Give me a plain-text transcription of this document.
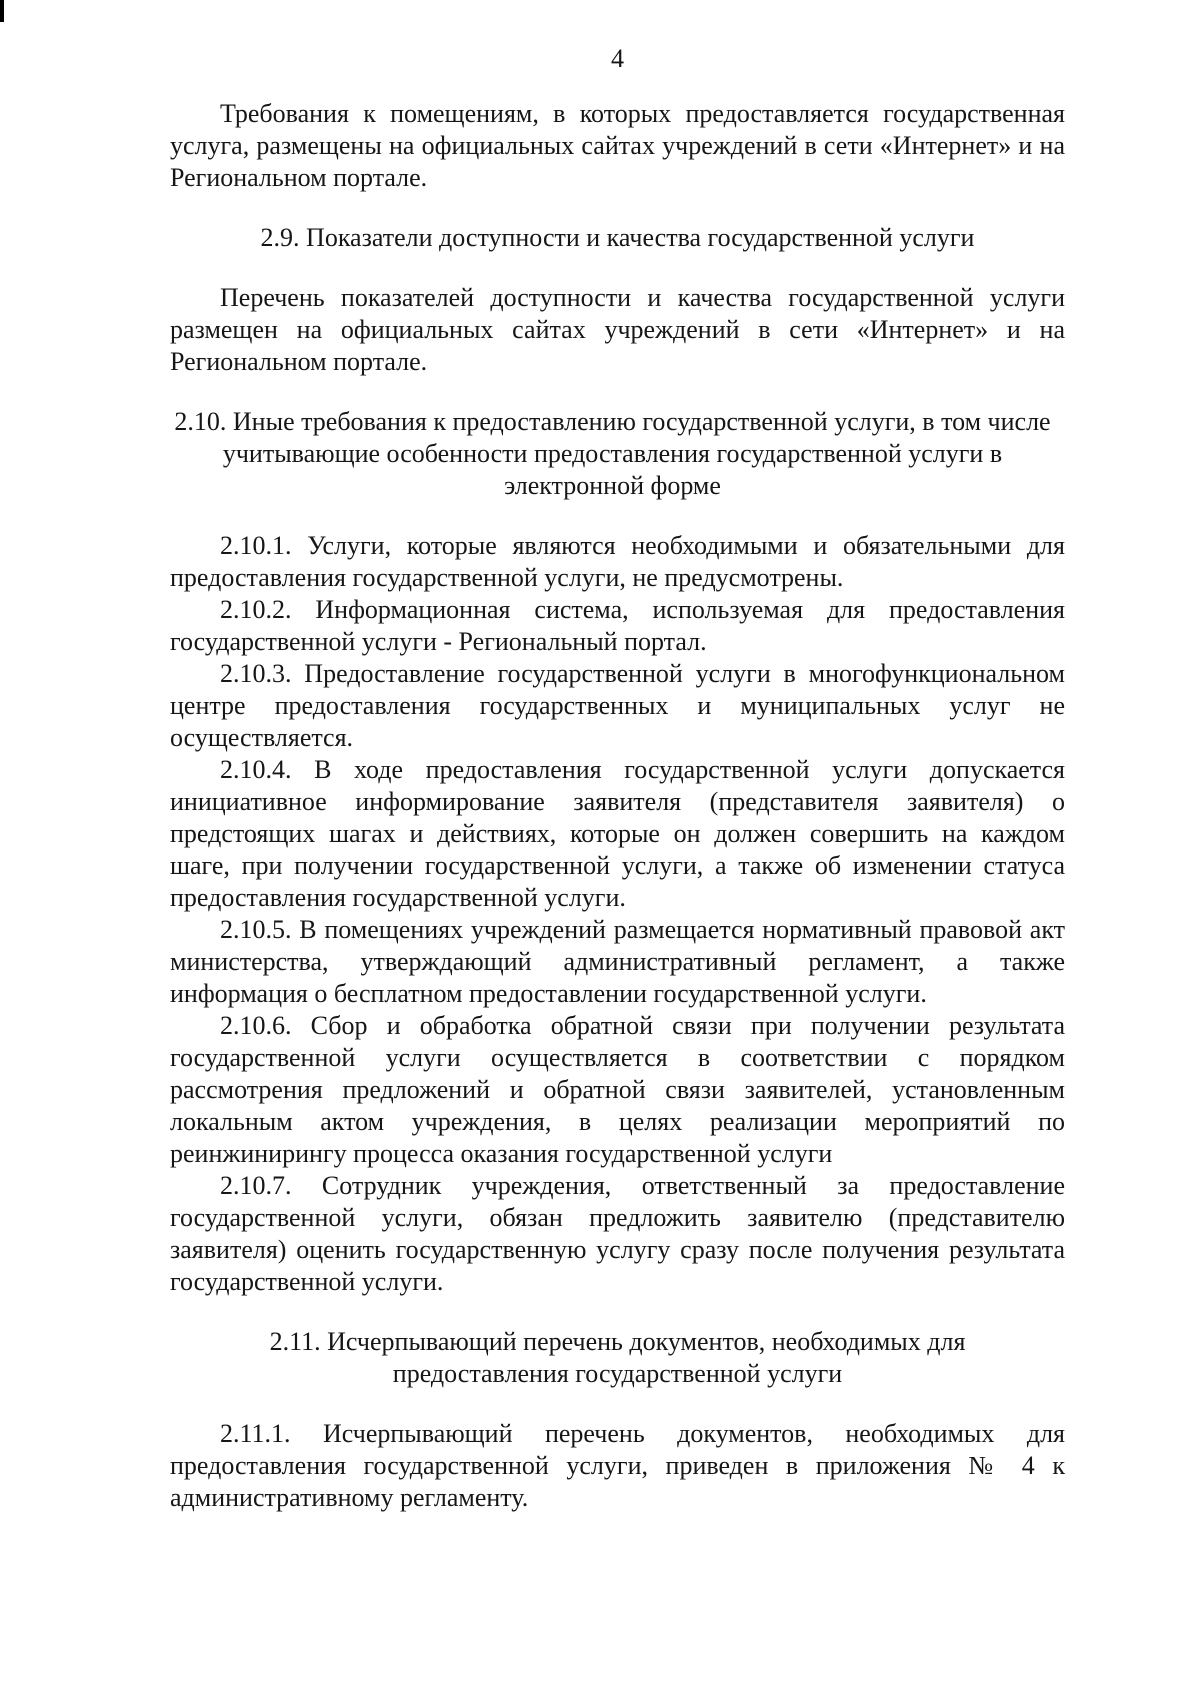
4

Требования к помещениям, в которых предоставляется государственная услуга, размещены на официальных сайтах учреждений в сети «Интернет» и на Региональном портале.

2.9. Показатели доступности и качества государственной услуги

Перечень показателей доступности и качества государственной услуги размещен на официальных сайтах учреждений в сети «Интернет» и на Региональном портале.

2.10. Иные требования к предоставлению государственной услуги, в том числе учитывающие особенности предоставления государственной услуги в электронной форме

2.10.1. Услуги, которые являются необходимыми и обязательными для предоставления государственной услуги, не предусмотрены.

2.10.2. Информационная система, используемая для предоставления государственной услуги - Региональный портал.

2.10.3. Предоставление государственной услуги в многофункциональном центре предоставления государственных и муниципальных услуг не осуществляется.

2.10.4. В ходе предоставления государственной услуги допускается инициативное информирование заявителя (представителя заявителя) о предстоящих шагах и действиях, которые он должен совершить на каждом шаге, при получении государственной услуги, а также об изменении статуса предоставления государственной услуги.

2.10.5. В помещениях учреждений размещается нормативный правовой акт министерства, утверждающий административный регламент, а также информация о бесплатном предоставлении государственной услуги.

2.10.6. Сбор и обработка обратной связи при получении результата государственной услуги осуществляется в соответствии с порядком рассмотрения предложений и обратной связи заявителей, установленным локальным актом учреждения, в целях реализации мероприятий по реинжинирингу процесса оказания государственной услуги

2.10.7. Сотрудник учреждения, ответственный за предоставление государственной услуги, обязан предложить заявителю (представителю заявителя) оценить государственную услугу сразу после получения результата государственной услуги.

2.11. Исчерпывающий перечень документов, необходимых для предоставления государственной услуги

2.11.1. Исчерпывающий перечень документов, необходимых для предоставления государственной услуги, приведен в приложения № 4 к административному регламенту.
